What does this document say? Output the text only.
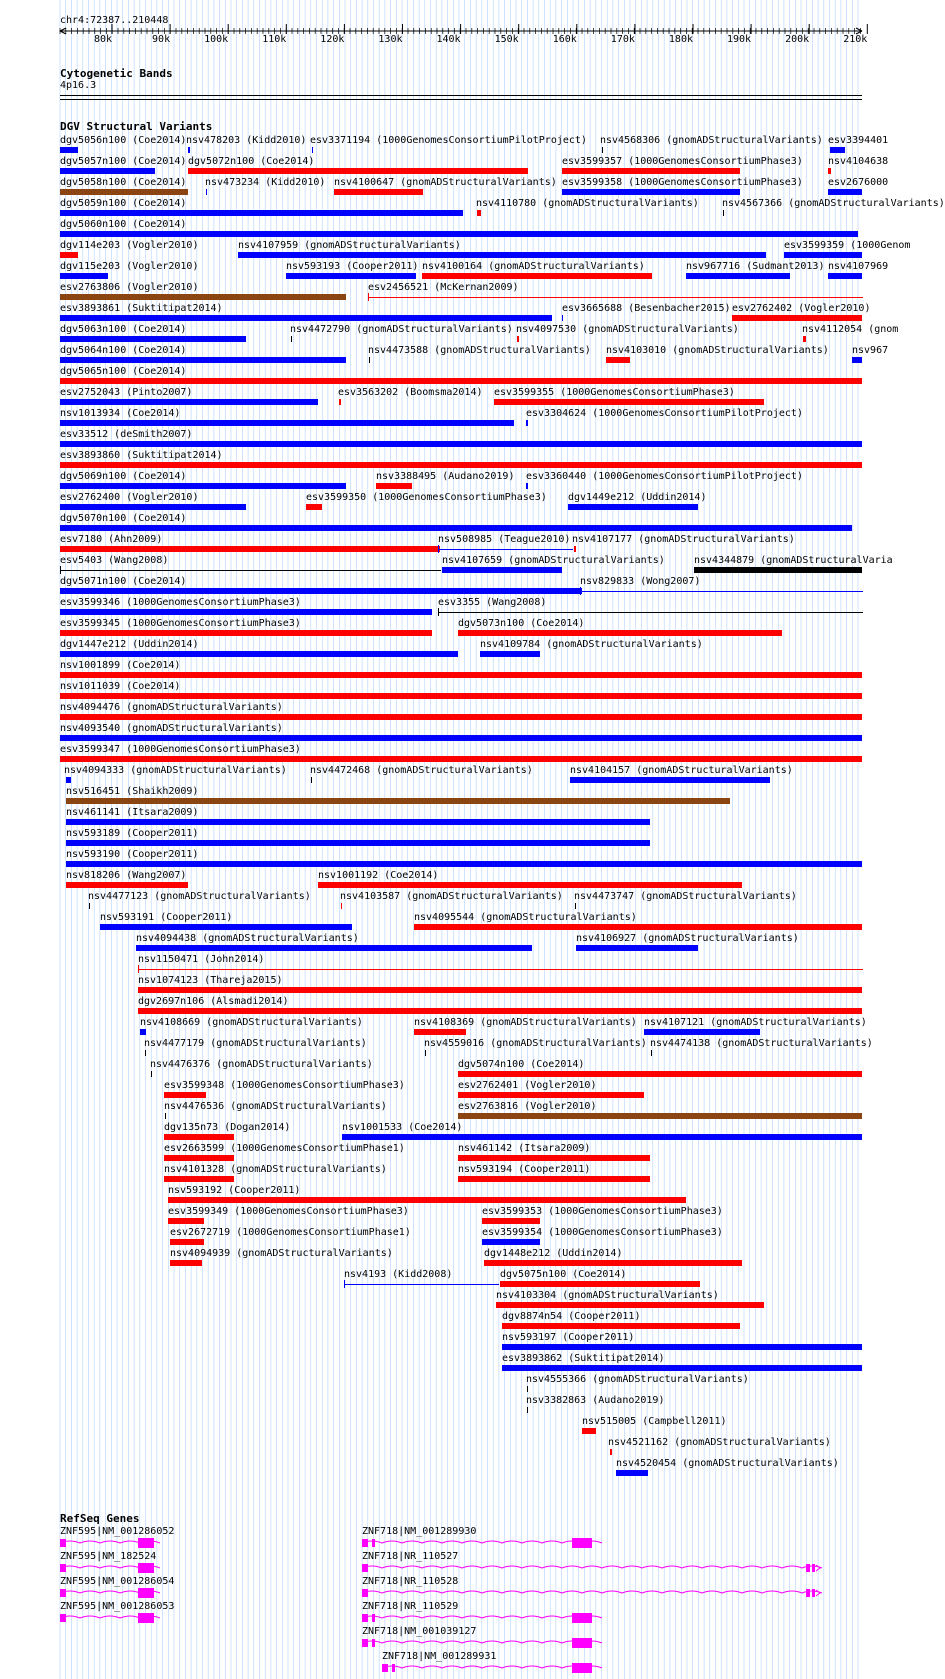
chr4:72387..210448
80k	90k	100k	110k	120k	130k	140k	150k	160k	170k	180k	190k	200k	210k
Cytogenetic Bands
4p16.3
DGV Structural Variants
dgv5056n100 (Coe2014) nsv478203 (Kidd2010) esv3371194 (1000GenomesConsortiumPilotProject) nsv4568306 (gnomADStructuralVariants) esv3394401
dgv5057n100 (Coe2014) dgv5072n100 (Coe2014)	esv3599357 (1000GenomesConsortiumPhase3)	nsv4104638
dgv5058n100 (Coe2014) nsv473234 (Kidd2010) nsv4100647 (gnomADStructuralVariants) esv3599358 (1000GenomesConsortiumPhase3)	esv2676000
dgv5059n100 (Coe2014)	nsv4110780 (gnomADStructuralVariants) nsv4567366 (gnomADStructuralVariants)
dgv5060n100 (Coe2014)
dgv114e203 (Vogler2010)	nsv4107959 (gnomADStructuralVariants)	esv3599359 (1000Genom
dgv115e203 (Vogler2010)	nsv593193 (Cooper2011) nsv4100164 (gnomADStructuralVariants)	nsv967716 (Sudmant2013) nsv4107969
esv2763806 (Vogler2010)	esv2456521 (McKernan2009)
esv3893861 (Suktitipat2014)	esv3665688 (Besenbacher2015) esv2762402 (Vogler2010)
dgv5063n100 (Coe2014)	nsv4472790 (gnomADStructuralVariants) nsv4097530 (gnomADStructuralVariants)	nsv4112054 (gnom
dgv5064n100 (Coe2014)	nsv4473588 (gnomADStructuralVariants) nsv4103010 (gnomADStructuralVariants) nsv967
dgv5065n100 (Coe2014)
esv2752043 (Pinto2007)	esv3563202 (Boomsma2014) esv3599355 (1000GenomesConsortiumPhase3)
nsv1013934 (Coe2014)	esv3304624 (1000GenomesConsortiumPilotProject)
esv33512 (deSmith2007)
esv3893860 (Suktitipat2014)
dgv5069n100 (Coe2014)	nsv3388495 (Audano2019) esv3360440 (1000GenomesConsortiumPilotProject)
esv2762400 (Vogler2010)	esv3599350 (1000GenomesConsortiumPhase3) dgv1449e212 (Uddin2014)
dgv5070n100 (Coe2014)
esv7180 (Ahn2009)	nsv508985 (Teague2010) nsv4107177 (gnomADStructuralVariants)
esv5403 (Wang2008)	nsv4107659 (gnomADStructuralVariants)	nsv4344879 (gnomADStructuralVaria
dgv5071n100 (Coe2014)	nsv829833 (Wong2007)
esv3599346 (1000GenomesConsortiumPhase3)	esv3355 (Wang2008)
esv3599345 (1000GenomesConsortiumPhase3)	dgv5073n100 (Coe2014)
dgv1447e212 (Uddin2014)	nsv4109784 (gnomADStructuralVariants)
nsv1001899 (Coe2014)
nsv1011039 (Coe2014)
nsv4094476 (gnomADStructuralVariants)
nsv4093540 (gnomADStructuralVariants)
esv3599347 (1000GenomesConsortiumPhase3)
nsv4094333 (gnomADStructuralVariants) nsv4472468 (gnomADStructuralVariants)	nsv4104157 (gnomADStructuralVariants)
nsv516451 (Shaikh2009)
nsv461141 (Itsara2009)
nsv593189 (Cooper2011)
nsv593190 (Cooper2011)
nsv818206 (Wang2007)	nsv1001192 (Coe2014)
nsv4477123 (gnomADStructuralVariants)	nsv4103587 (gnomADStructuralVariants) nsv4473747 (gnomADStructuralVariants)
nsv593191 (Cooper2011)	nsv4095544 (gnomADStructuralVariants)
nsv4094438 (gnomADStructuralVariants)	nsv4106927 (gnomADStructuralVariants)
nsv1150471 (John2014)
nsv1074123 (Thareja2015)
dgv2697n106 (Alsmadi2014)
nsv4108669 (gnomADStructuralVariants)	nsv4108369 (gnomADStructuralVariants) nsv4107121 (gnomADStructuralVariants)
nsv4477179 (gnomADStructuralVariants)	nsv4559016 (gnomADStructuralVariants) nsv4474138 (gnomADStructuralVariants)
nsv4476376 (gnomADStructuralVariants)	dgv5074n100 (Coe2014)
esv3599348 (1000GenomesConsortiumPhase3)	esv2762401 (Vogler2010)
nsv4476536 (gnomADStructuralVariants)	esv2763816 (Vogler2010)
dgv135n73 (Dogan2014)	nsv1001533 (Coe2014)
esv2663599 (1000GenomesConsortiumPhase1)	nsv461142 (Itsara2009)
nsv4101328 (gnomADStructuralVariants)	nsv593194 (Cooper2011)
nsv593192 (Cooper2011)
esv3599349 (1000GenomesConsortiumPhase3)	esv3599353 (1000GenomesConsortiumPhase3)
esv2672719 (1000GenomesConsortiumPhase1)	esv3599354 (1000GenomesConsortiumPhase3)
nsv4094939 (gnomADStructuralVariants)	dgv1448e212 (Uddin2014)
nsv4193 (Kidd2008)	dgv5075n100 (Coe2014)
nsv4103304 (gnomADStructuralVariants)
dgv8874n54 (Cooper2011)
nsv593197 (Cooper2011)
esv3893862 (Suktitipat2014)
nsv4555366 (gnomADStructuralVariants)
nsv3382863 (Audano2019)
nsv515005 (Campbell2011)
nsv4521162 (gnomADStructuralVariants)
nsv4520454 (gnomADStructuralVariants)
RefSeq Genes
ZNF595|NM_001286052
ZNF595|NM_182524
ZNF595|NM_001286054
ZNF595|NM_001286053
ZNF718|NM_001289930
ZNF718|NR_110527
ZNF718|NR_110528
ZNF718|NR_110529
ZNF718|NM_001039127
ZNF718|NM_001289931
